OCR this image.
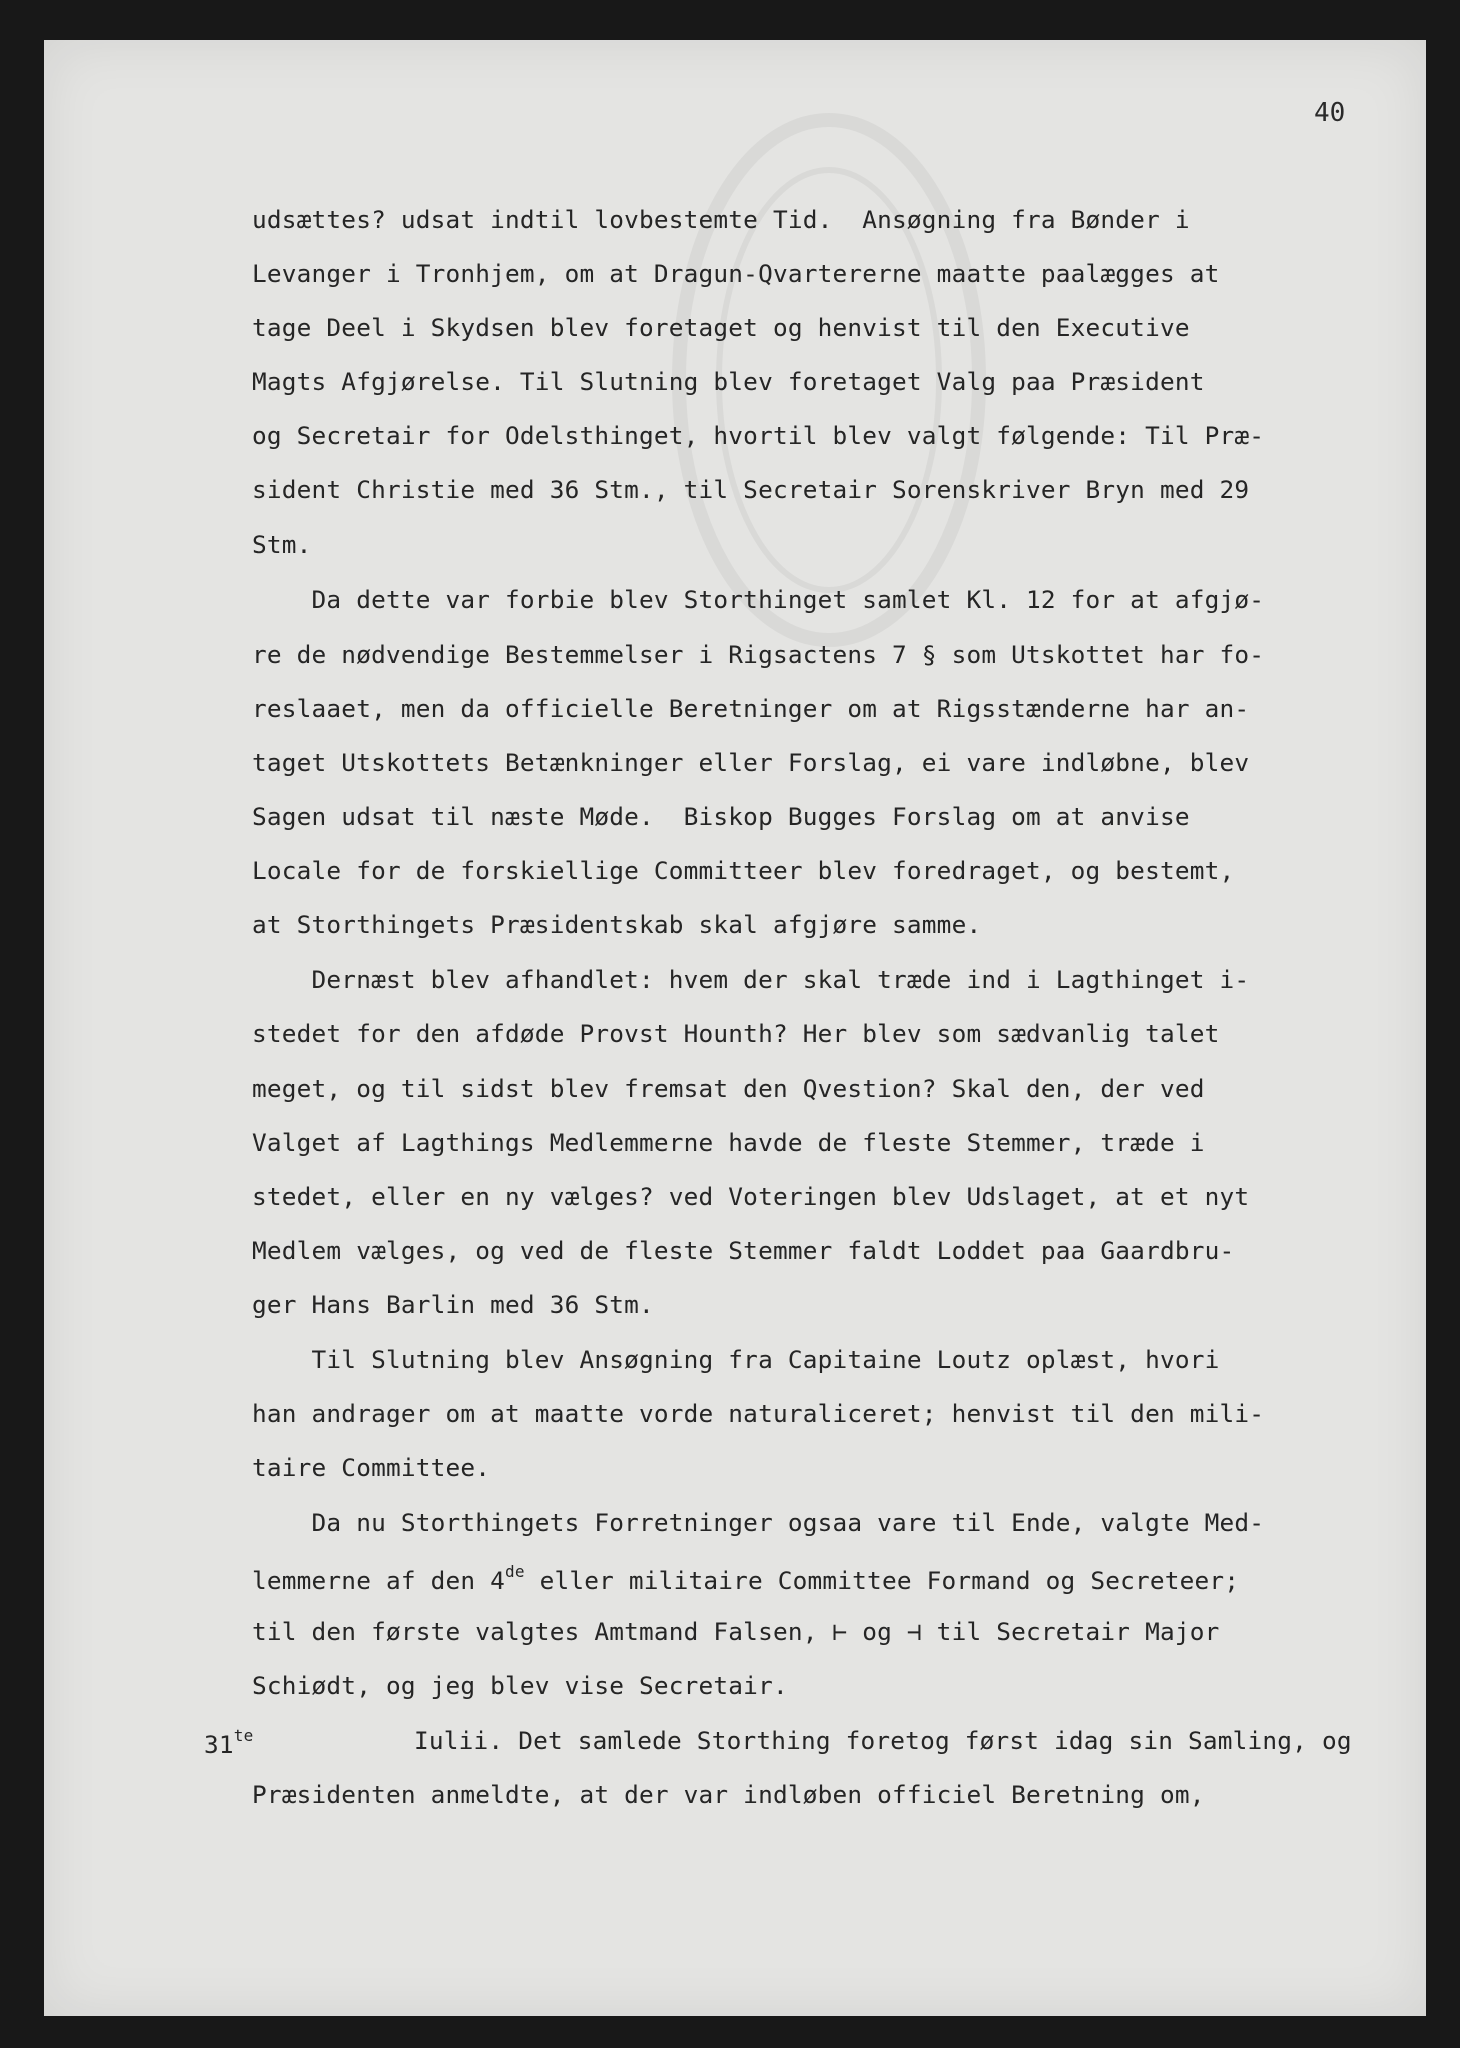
40
udsættes? udsat indtil lovbestemte Tid.  Ansøgning fra Bønder i
Levanger i Tronhjem, om at Dragun-Qvartererne maatte paalægges at
tage Deel i Skydsen blev foretaget og henvist til den Executive
Magts Afgjørelse. Til Slutning blev foretaget Valg paa Præsident
og Secretair for Odelsthinget, hvortil blev valgt følgende: Til Præ-
sident Christie med 36 Stm., til Secretair Sorenskriver Bryn med 29
Stm.
Da dette var forbie blev Storthinget samlet Kl. 12 for at afgjø-
re de nødvendige Bestemmelser i Rigsactens 7 § som Utskottet har fo-
reslaaet, men da officielle Beretninger om at Rigsstænderne har an-
taget Utskottets Betænkninger eller Forslag, ei vare indløbne, blev
Sagen udsat til næste Møde.  Biskop Bugges Forslag om at anvise
Locale for de forskiellige Committeer blev foredraget, og bestemt,
at Storthingets Præsidentskab skal afgjøre samme.
Dernæst blev afhandlet: hvem der skal træde ind i Lagthinget i-
stedet for den afdøde Provst Hounth? Her blev som sædvanlig talet
meget, og til sidst blev fremsat den Qvestion? Skal den, der ved
Valget af Lagthings Medlemmerne havde de fleste Stemmer, træde i
stedet, eller en ny vælges? ved Voteringen blev Udslaget, at et nyt
Medlem vælges, og ved de fleste Stemmer faldt Loddet paa Gaardbru-
ger Hans Barlin med 36 Stm.
Til Slutning blev Ansøgning fra Capitaine Loutz oplæst, hvori
han andrager om at maatte vorde naturaliceret; henvist til den mili-
taire Committee.
Da nu Storthingets Forretninger ogsaa vare til Ende, valgte Med-
lemmerne af den 4de eller militaire Committee Formand og Secreteer;
til den første valgtes Amtmand Falsen, ⊢ og ⊣ til Secretair Major
Schiødt, og jeg blev vise Secretair.
Iulii. Det samlede Storthing foretog først idag sin Samling, og
Præsidenten anmeldte, at der var indløben officiel Beretning om,
$31^{te}$
